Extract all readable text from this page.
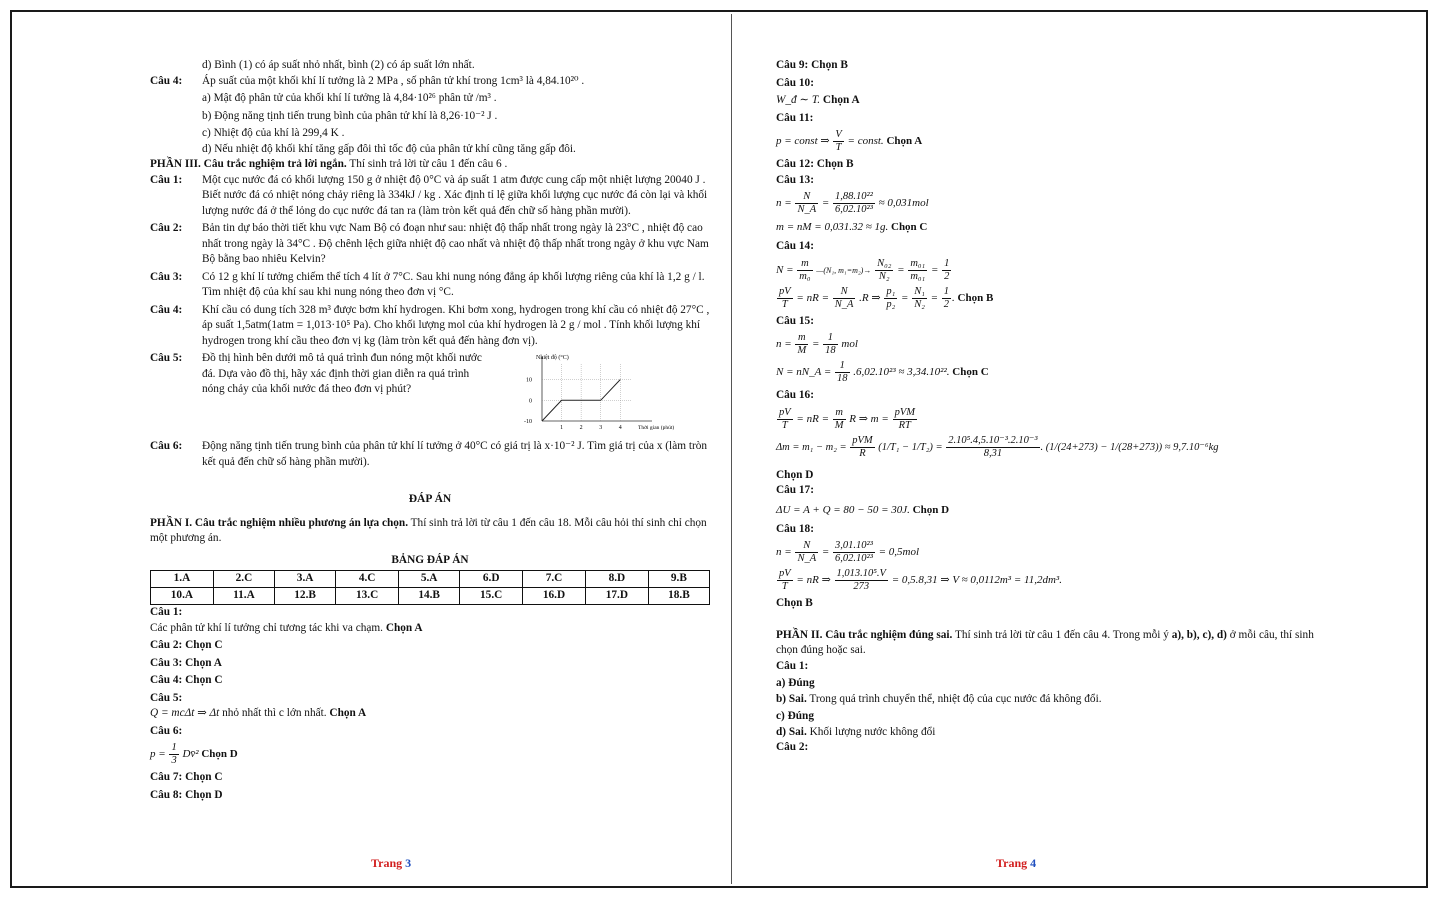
d) Bình (1) có áp suất nhỏ nhất, bình (2) có áp suất lớn nhất.

Câu 4:	Áp suất của một khối khí lí tưởng là 2 MPa , số phân tử khí trong 1cm³ là 4,84.10²⁰ .

a) Mật độ phân tử của khối khí lí tưởng là 4,84·10²⁶ phân tử /m³ .

b) Động năng tịnh tiến trung bình của phân tử khí là 8,26·10⁻² J .

c) Nhiệt độ của khí là 299,4 K .

d) Nếu nhiệt độ khối khí tăng gấp đôi thì tốc độ của phân tử khí cũng tăng gấp đôi.

PHẦN III. Câu trắc nghiệm trả lời ngắn. Thí sinh trả lời từ câu 1 đến câu 6 .

Câu 1:	Một cục nước đá có khối lượng 150 g ở nhiệt độ 0°C và áp suất 1 atm được cung cấp một nhiệt lượng 20040 J . Biết nước đá có nhiệt nóng chảy riêng là 334kJ / kg . Xác định tỉ lệ giữa khối lượng cục nước đá còn lại và khối lượng nước đá ở thể lỏng do cục nước đá tan ra (làm tròn kết quả đến chữ số hàng phần mười).
Câu 2:	Bản tin dự báo thời tiết khu vực Nam Bộ có đoạn như sau: nhiệt độ thấp nhất trong ngày là 23°C , nhiệt độ cao nhất trong ngày là 34°C . Độ chênh lệch giữa nhiệt độ cao nhất và nhiệt độ thấp nhất trong ngày ở khu vực Nam Bộ bằng bao nhiêu Kelvin?
Câu 3:	Có 12 g khí lí tưởng chiếm thể tích 4 lít ở 7°C. Sau khi nung nóng đẳng áp khối lượng riêng của khí là 1,2 g / l. Tìm nhiệt độ của khí sau khi nung nóng theo đơn vị °C.
Câu 4:	Khí cầu có dung tích 328 m³ được bơm khí hydrogen. Khi bơm xong, hydrogen trong khí cầu có nhiệt độ 27°C , áp suất 1,5atm(1atm = 1,013·10⁵ Pa). Cho khối lượng mol của khí hydrogen là 2 g / mol . Tính khối lượng khí hydrogen trong khí cầu theo đơn vị kg (làm tròn kết quả đến hàng đơn vị).
Câu 5:	Đồ thị hình bên dưới mô tả quá trình đun nóng một khối nước đá. Dựa vào đồ thị, hãy xác định thời gian diễn ra quá trình nóng chảy của khối nước đá theo đơn vị phút?
Nhiệt độ (°C)
Thời gian (phút)
-10
0
10
1	2	3	4
Câu 6:	Động năng tịnh tiến trung bình của phân tử khí lí tưởng ở 40°C có giá trị là x·10⁻² J. Tìm giá trị của x (làm tròn kết quả đến chữ số hàng phần mười).
ĐÁP ÁN

PHẦN I. Câu trắc nghiệm nhiều phương án lựa chọn. Thí sinh trả lời từ câu 1 đến câu 18. Mỗi câu hỏi thí sinh chỉ chọn một phương án.

BẢNG ĐÁP ÁN
1.A	2.C	3.A	4.C	5.A	6.D	7.C	8.D	9.B
10.A	11.A	12.B	13.C	14.B	15.C	16.D	17.D	18.B

Câu 1:

Các phân tử khí lí tưởng chỉ tương tác khi va chạm. Chọn A

Câu 2: Chọn C

Câu 3: Chọn A

Câu 4: Chọn C

Câu 5:

Q = mcΔt ⇒ Δt nhỏ nhất thì c lớn nhất. Chọn A

Câu 6:

$p = \frac{1}{3}$ Dv̄² Chọn D

Câu 7: Chọn C

Câu 8: Chọn D

Trang 3

Câu 9: Chọn B

Câu 10:

W_đ ∼ T. Chọn A

Câu 11:

p = const ⇒ $\frac{V}{T}$ = const. Chọn A

Câu 12: Chọn B

Câu 13:

$n = \frac{N}{N\_A} = \frac{\text{1,88.10²²}}{\text{6,02.10²³}} \approx 0,031mol$

m = nM = 0,031.32 ≈ 1g. Chọn C

Câu 14:

$N = \frac{m}{\text{m₀}}$ —(N₁, $m_1=m_2)\to \frac{\text{N₀₂}}{\text{N₂}} = \frac{\text{m₀₁}}{\text{m₀₁}} = \frac{1}{2}$

$\frac{pV}{T}$ = nR = $\frac{N}{N\_A} .R$ ⇒ $\frac{\text{p₁}}{\text{p₂}} = \frac{\text{N₁}}{\text{N₂}} = \frac{1}{2}$ . Chọn B

Câu 15:

$n = \frac{m}{M} = \frac{1}{18}$ mol

N = nN_A = $\frac{1}{18} .6,02.10^{23} \approx 3,34.10^{22}$. Chọn C

Câu 16:

$\frac{pV}{T}$ = nR = $\frac{m}{M}$ R ⇒ $m = \frac{\text{pVM}}{RT}$

$\Delta m = m_1 - m_2 = \frac{\text{pVM}}{R} (1/T_1 - 1/T_2) = \frac{\text{2.10⁵.4,5.10⁻³.2.10⁻³}}{8,31}$ . (1/(24+273) − 1/(28+273)) ≈ 9,7.10⁻⁶kg

Chọn D

Câu 17:

ΔU = A + Q = 80 − 50 = 30J. Chọn D

Câu 18:

$n = \frac{N}{N\_A} = \frac{\text{3,01.10²³}}{\text{6,02.10²³}} = 0,5mol$

$\frac{pV}{T}$ = nR ⇒ $\frac{\text{1,013.10⁵.V}}{273} = 0,5.8,31$ ⇒ V ≈ 0,0112m³ = 11,2dm³.

Chọn B

PHẦN II. Câu trắc nghiệm đúng sai. Thí sinh trả lời từ câu 1 đến câu 4. Trong mỗi ý a), b), c), d) ở mỗi câu, thí sinh chọn đúng hoặc sai.

Câu 1:

a) Đúng

b) Sai. Trong quá trình chuyển thể, nhiệt độ của cục nước đá không đổi.

c) Đúng

d) Sai. Khối lượng nước không đổi

Câu 2:

Trang 4
